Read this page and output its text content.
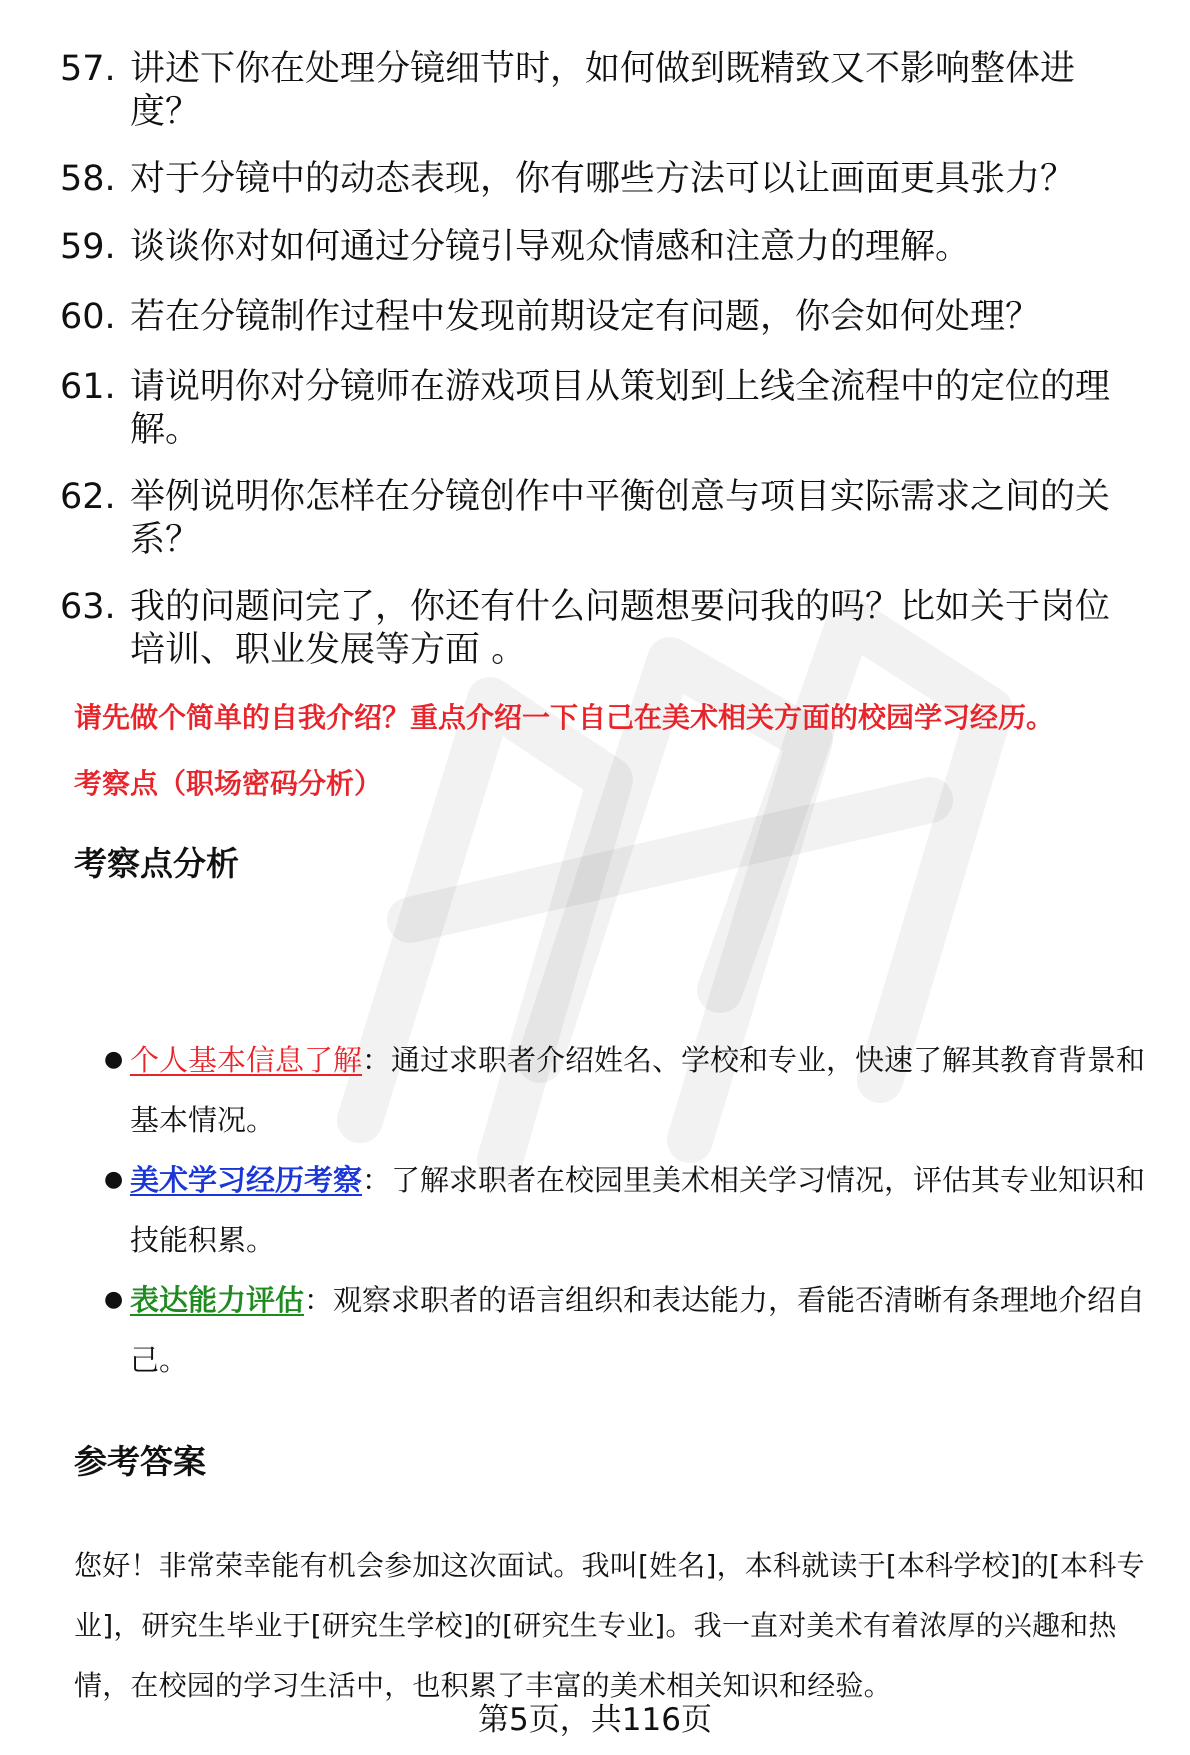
57. 讲述下你在处理分镜细节时，如何做到既精致又不影响整体进度？
58. 对于分镜中的动态表现，你有哪些方法可以让画面更具张力？
59. 谈谈你对如何通过分镜引导观众情感和注意力的理解。
60. 若在分镜制作过程中发现前期设定有问题，你会如何处理？
61. 请说明你对分镜师在游戏项目从策划到上线全流程中的定位的理解。
62. 举例说明你怎样在分镜创作中平衡创意与项目实际需求之间的关系？
63. 我的问题问完了，你还有什么问题想要问我的吗？比如关于岗位培训、职业发展等方面 。
请先做个简单的自我介绍？重点介绍一下自己在美术相关方面的校园学习经历。
考察点（职场密码分析）
考察点分析
● 个人基本信息了解：通过求职者介绍姓名、学校和专业，快速了解其教育背景和基本情况。
● 美术学习经历考察：了解求职者在校园里美术相关学习情况，评估其专业知识和技能积累。
● 表达能力评估：观察求职者的语言组织和表达能力，看能否清晰有条理地介绍自己。
参考答案
您好！非常荣幸能有机会参加这次面试。我叫[姓名]，本科就读于[本科学校]的[本科专业]，研究生毕业于[研究生学校]的[研究生专业]。我一直对美术有着浓厚的兴趣和热情，在校园的学习生活中，也积累了丰富的美术相关知识和经验。
第5页，共116页
